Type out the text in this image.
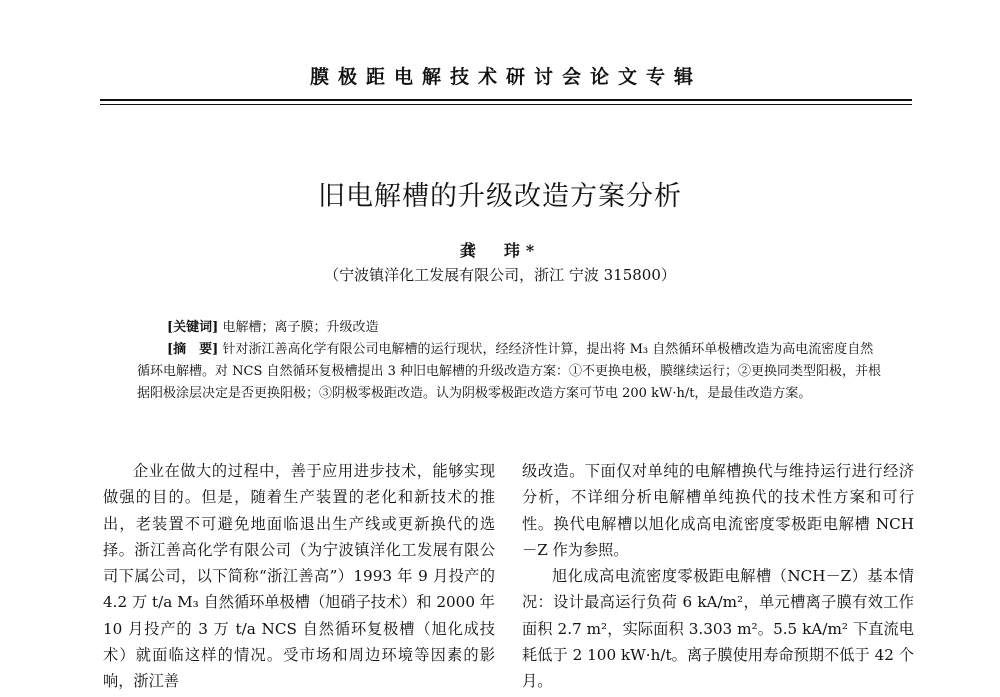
膜极距电解技术研讨会论文专辑
旧电解槽的升级改造方案分析
龚　玮*
（宁波镇洋化工发展有限公司，浙江 宁波 315800）

[关键词] 电解槽；离子膜；升级改造

[摘　要] 针对浙江善高化学有限公司电解槽的运行现状，经经济性计算，提出将 M₃ 自然循环单极槽改造为高电流密度自然循环电解槽。对 NCS 自然循环复极槽提出 3 种旧电解槽的升级改造方案：①不更换电极，膜继续运行；②更换同类型阳极，并根据阳极涂层决定是否更换阳极；③阴极零极距改造。认为阴极零极距改造方案可节电 200 kW·h/t，是最佳改造方案。

企业在做大的过程中，善于应用进步技术，能够实现做强的目的。但是，随着生产装置的老化和新技术的推出，老装置不可避免地面临退出生产线或更新换代的选择。浙江善高化学有限公司（为宁波镇洋化工发展有限公司下属公司，以下简称“浙江善高”）1993 年 9 月投产的 4.2 万 t/a M₃ 自然循环单极槽（旭硝子技术）和 2000 年 10 月投产的 3 万 t/a NCS 自然循环复极槽（旭化成技术）就面临这样的情况。受市场和周边环境等因素的影响，浙江善

级改造。下面仅对单纯的电解槽换代与维持运行进行经济分析，不详细分析电解槽单纯换代的技术性方案和可行性。换代电解槽以旭化成高电流密度零极距电解槽 NCH－Z 作为参照。

旭化成高电流密度零极距电解槽（NCH－Z）基本情况：设计最高运行负荷 6 kA/m²，单元槽离子膜有效工作面积 2.7 m²，实际面积 3.303 m²。5.5 kA/m² 下直流电耗低于 2 100 kW·h/t。离子膜使用寿命预期不低于 42 个月。
